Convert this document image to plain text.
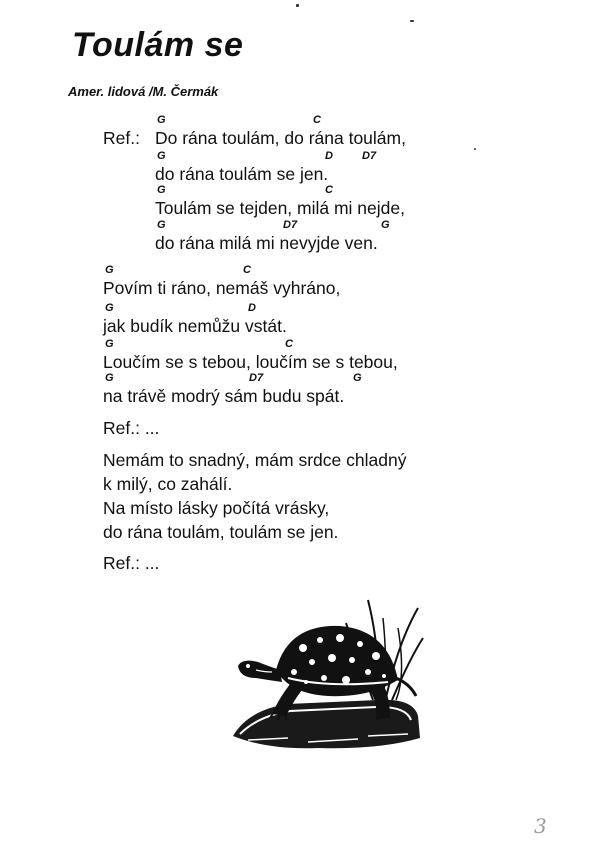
Toulám se
Amer. lidová /M. Čermák
Ref.:
G	C
Do rána toulám, do rána toulám,
G	D	D7
do rána toulám se jen.
G	C
Toulám se tejden, milá mi nejde,
G	D7	G
do rána milá mi nevyjde ven.
G	C
Povím ti ráno, nemáš vyhráno,
G	D
jak budík nemůžu vstát.
G	C
Loučím se s tebou, loučím se s tebou,
G	D7	G
na trávě modrý sám budu spát.
Ref.: ...
Nemám to snadný, mám srdce chladný
k milý, co zahálí.
Na místo lásky počítá vrásky,
do rána toulám, toulám se jen.
Ref.: ...
3
